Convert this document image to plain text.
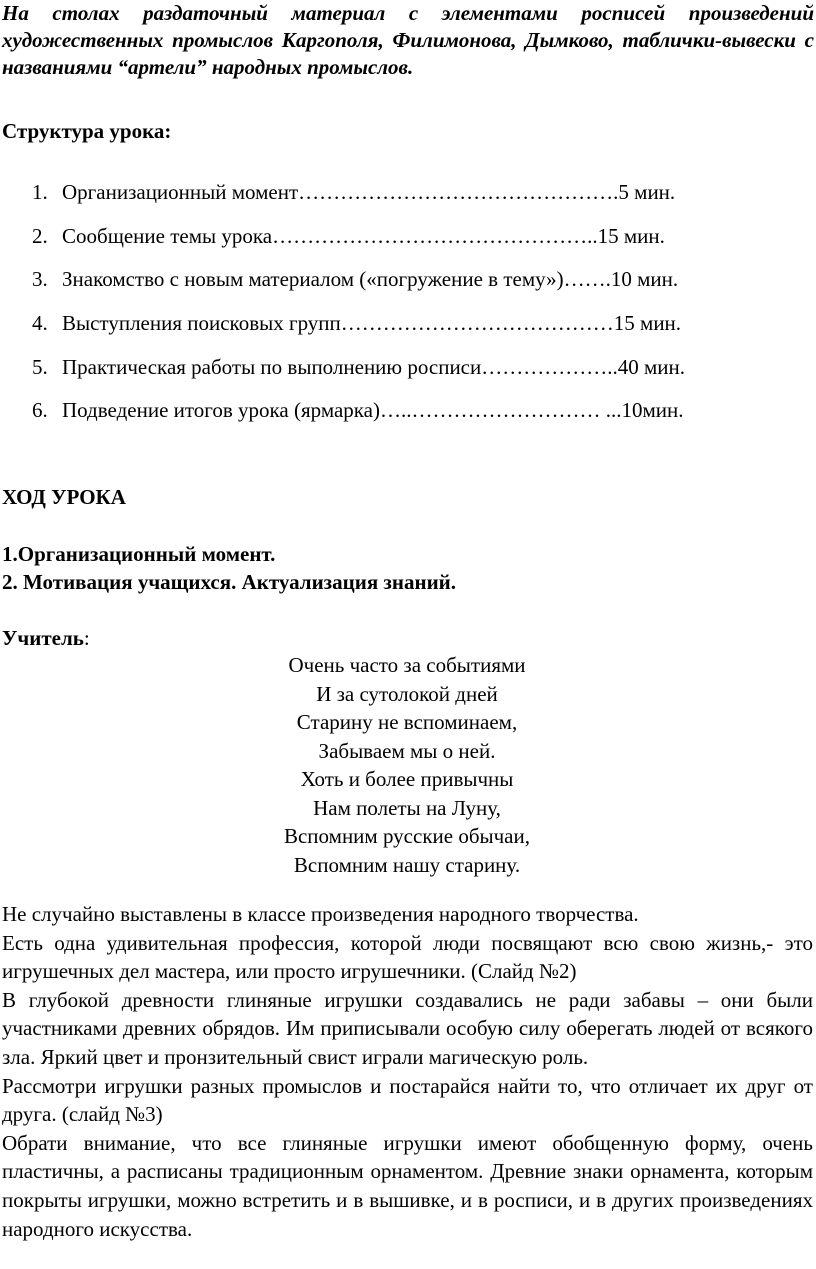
На столах раздаточный материал с элементами росписей произведений художественных промыслов Каргополя, Филимонова, Дымково, таблички-вывески с названиями “артели” народных промыслов.
Структура урока:
1. Организационный момент……………………………………….5 мин.
2. Сообщение темы урока………………………………………..15 мин.
3. Знакомство с новым материалом («погружение в тему»)…….10 мин.
4. Выступления поисковых групп…………………………………15 мин.
5. Практическая работы по выполнению росписи………………..40 мин.
6. Подведение итогов урока (ярмарка)…..……………………… ...10мин.
ХОД УРОКА
1.Организационный момент.
2. Мотивация учащихся. Актуализация знаний.
Учитель:
Очень часто за событиями
И за сутолокой дней
Старину не вспоминаем,
Забываем мы о ней.
Хоть и более привычны
Нам полеты на Луну,
Вспомним русские обычаи,
Вспомним нашу старину.

Не случайно выставлены в классе произведения народного творчества.

Есть одна удивительная профессия, которой люди посвящают всю свою жизнь,- это игрушечных дел мастера, или просто игрушечники. (Слайд №2)

В глубокой древности глиняные игрушки создавались не ради забавы – они были участниками древних обрядов. Им приписывали особую силу оберегать людей от всякого зла. Яркий цвет и пронзительный свист играли магическую роль.

Рассмотри игрушки разных промыслов и постарайся найти то, что отличает их друг от друга. (слайд №3)

Обрати внимание, что все глиняные игрушки имеют обобщенную форму, очень пластичны, а расписаны традиционным орнаментом. Древние знаки орнамента, которым покрыты игрушки, можно встретить и в вышивке, и в росписи, и в других произведениях народного искусства.
